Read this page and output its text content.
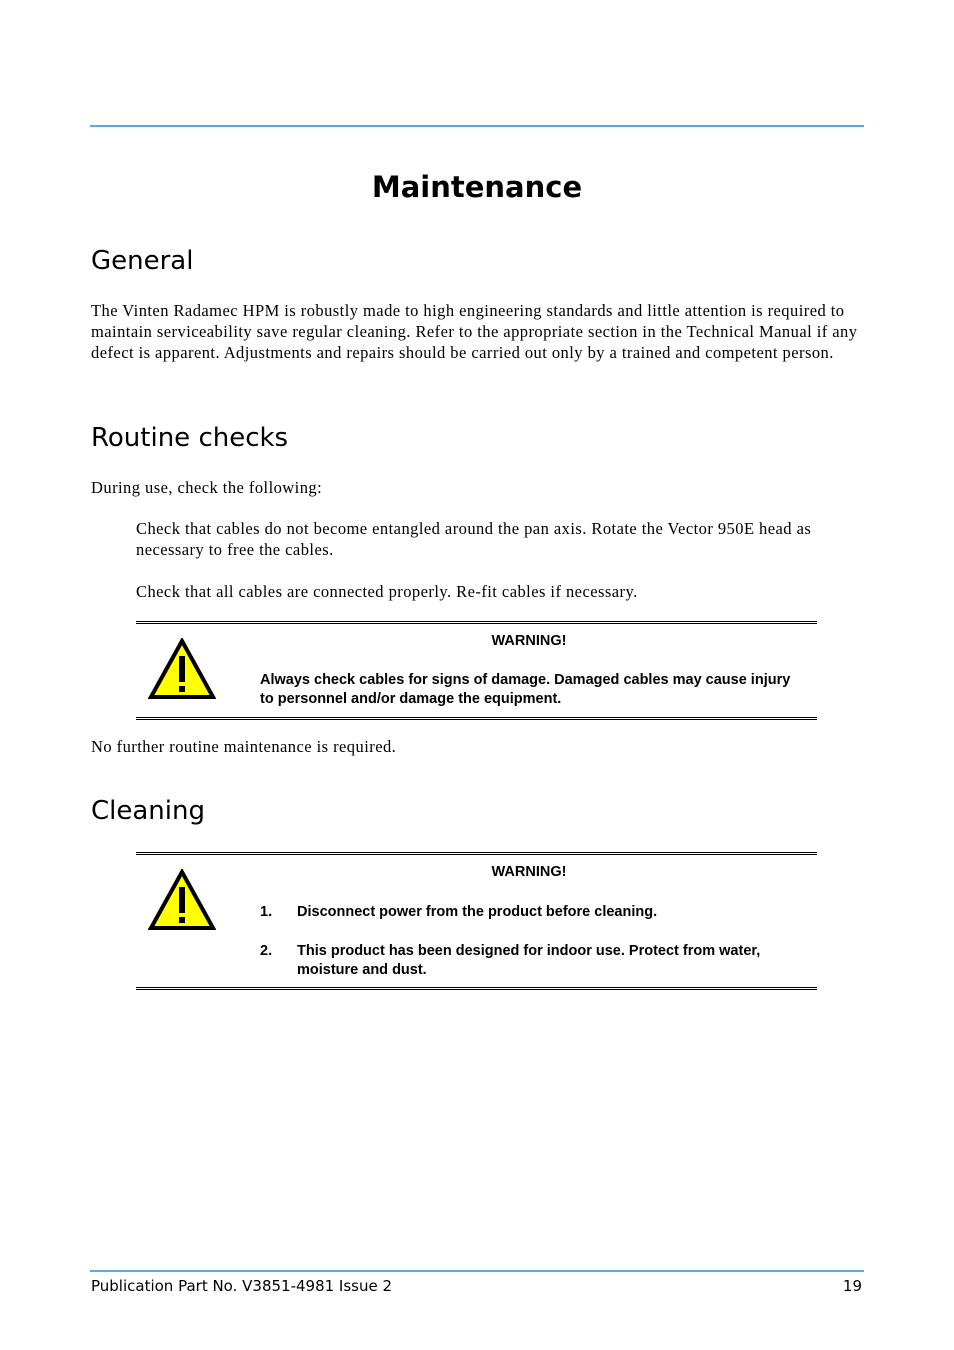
Maintenance
General

The Vinten Radamec HPM is robustly made to high engineering standards and little attention is required to maintain serviceability save regular cleaning. Refer to the appropriate section in the Technical Manual if any defect is apparent. Adjustments and repairs should be carried out only by a trained and competent person.

Routine checks

During use, check the following:

Check that cables do not become entangled around the pan axis. Rotate the Vector 950E head as necessary to free the cables.

Check that all cables are connected properly. Re-fit cables if necessary.

WARNING!

Always check cables for signs of damage. Damaged cables may cause injury to personnel and/or damage the equipment.

No further routine maintenance is required.

Cleaning

WARNING!

1. Disconnect power from the product before cleaning.
2. This product has been designed for indoor use. Protect from water, moisture and dust.
Publication Part No. V3851-4981 Issue 2	19
